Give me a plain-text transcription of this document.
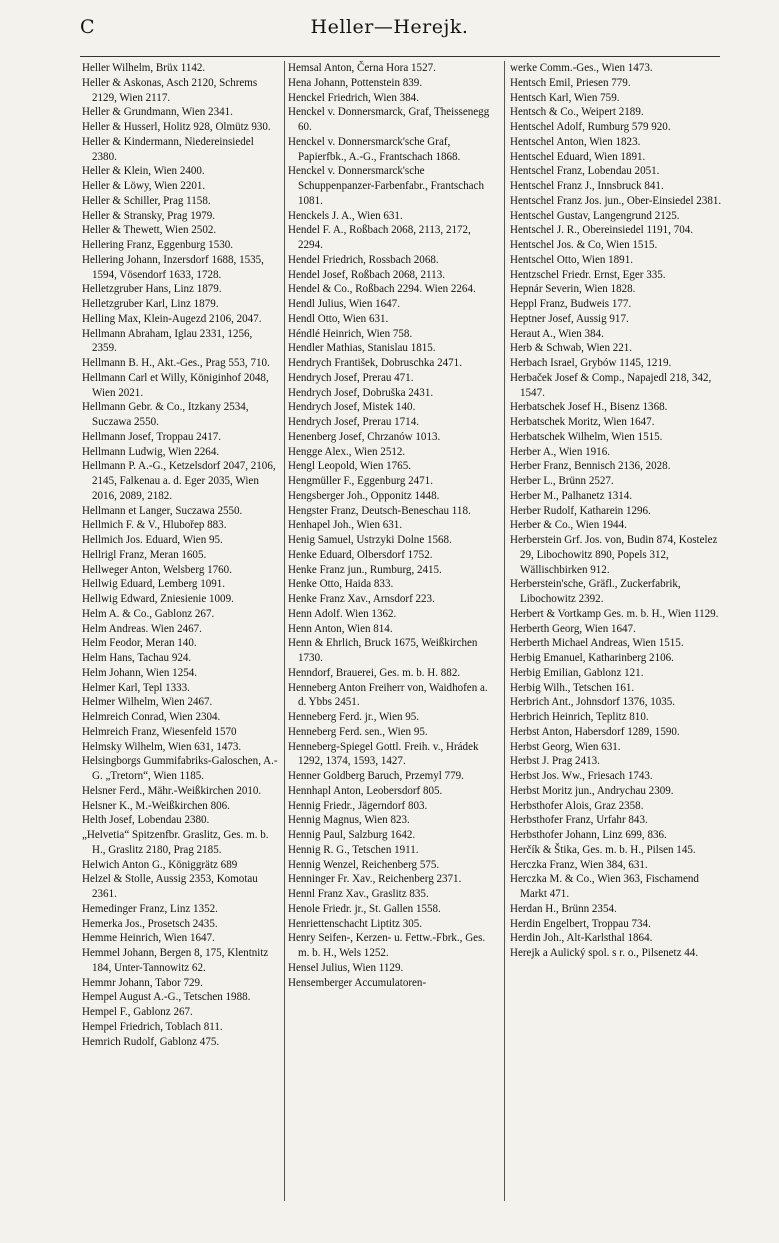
C	Heller—Herejk.
Heller Wilhelm, Brüx 1142.
Heller & Askonas, Asch 2120, Schrems 2129, Wien 2117.
Heller & Grundmann, Wien 2341.
Heller & Husserl, Holitz 928, Olmütz 930.
Heller & Kindermann, Niedereinsiedel 2380.
Heller & Klein, Wien 2400.
Heller & Löwy, Wien 2201.
Heller & Schiller, Prag 1158.
Heller & Stransky, Prag 1979.
Heller & Thewett, Wien 2502.
Hellering Franz, Eggenburg 1530.
Hellering Johann, Inzersdorf 1688, 1535, 1594, Vösendorf 1633, 1728.
Helletzgruber Hans, Linz 1879.
Helletzgruber Karl, Linz 1879.
Helling Max, Klein-Augezd 2106, 2047.
Hellmann Abraham, Iglau 2331, 1256, 2359.
Hellmann B. H., Akt.-Ges., Prag 553, 710.
Hellmann Carl et Willy, Königinhof 2048, Wien 2021.
Hellmann Gebr. & Co., Itzkany 2534, Suczawa 2550.
Hellmann Josef, Troppau 2417.
Hellmann Ludwig, Wien 2264.
Hellmann P. A.-G., Ketzelsdorf 2047, 2106, 2145, Falkenau a. d. Eger 2035, Wien 2016, 2089, 2182.
Hellmann et Langer, Suczawa 2550.
Hellmich F. & V., Hlubořep 883.
Hellmich Jos. Eduard, Wien 95.
Hellrigl Franz, Meran 1605.
Hellweger Anton, Welsberg 1760.
Hellwig Eduard, Lemberg 1091.
Hellwig Edward, Zniesienie 1009.
Helm A. & Co., Gablonz 267.
Helm Andreas. Wien 2467.
Helm Feodor, Meran 140.
Helm Hans, Tachau 924.
Helm Johann, Wien 1254.
Helmer Karl, Tepl 1333.
Helmer Wilhelm, Wien 2467.
Helmreich Conrad, Wien 2304.
Helmreich Franz, Wiesenfeld 1570
Helmsky Wilhelm, Wien 631, 1473.
Helsingborgs Gummifabriks-Galoschen, A.-G. „Tretorn“, Wien 1185.
Helsner Ferd., Mähr.-Weißkirchen 2010.
Helsner K., M.-Weißkirchen 806.
Helth Josef, Lobendau 2380.
„Helvetia“ Spitzenfbr. Graslitz, Ges. m. b. H., Graslitz 2180, Prag 2185.
Helwich Anton G., Königgrätz 689
Helzel & Stolle, Aussig 2353, Komotau 2361.
Hemedinger Franz, Linz 1352.
Hemerka Jos., Prosetsch 2435.
Hemme Heinrich, Wien 1647.
Hemmel Johann, Bergen 8, 175, Klentnitz 184, Unter-Tannowitz 62.
Hemmr Johann, Tabor 729.
Hempel August A.-G., Tetschen 1988.
Hempel F., Gablonz 267.
Hempel Friedrich, Toblach 811.
Hemrich Rudolf, Gablonz 475.
Hemsal Anton, Černa Hora 1527.
Hena Johann, Pottenstein 839.
Henckel Friedrich, Wien 384.
Henckel v. Donnersmarck, Graf, Theissenegg 60.
Henckel v. Donnersmarck'sche Graf, Papierfbk., A.-G., Frantschach 1868.
Henckel v. Donnersmarck'sche Schuppenpanzer-Farbenfabr., Frantschach 1081.
Henckels J. A., Wien 631.
Hendel F. A., Roßbach 2068, 2113, 2172, 2294.
Hendel Friedrich, Rossbach 2068.
Hendel Josef, Roßbach 2068, 2113.
Hendel & Co., Roßbach 2294. Wien 2264.
Hendl Julius, Wien 1647.
Hendl Otto, Wien 631.
Héndlé Heinrich, Wien 758.
Hendler Mathias, Stanislau 1815.
Hendrych František, Dobruschka 2471.
Hendrych Josef, Prerau 471.
Hendrych Josef, Dobruška 2431.
Hendrych Josef, Mistek 140.
Hendrych Josef, Prerau 1714.
Henenberg Josef, Chrzanów 1013.
Hengge Alex., Wien 2512.
Hengl Leopold, Wien 1765.
Hengmüller F., Eggenburg 2471.
Hengsberger Joh., Opponitz 1448.
Hengster Franz, Deutsch-Beneschau 118.
Henhapel Joh., Wien 631.
Henig Samuel, Ustrzyki Dolne 1568.
Henke Eduard, Olbersdorf 1752.
Henke Franz jun., Rumburg, 2415.
Henke Otto, Haida 833.
Henke Franz Xav., Arnsdorf 223.
Henn Adolf. Wien 1362.
Henn Anton, Wien 814.
Henn & Ehrlich, Bruck 1675, Weißkirchen 1730.
Henndorf, Brauerei, Ges. m. b. H. 882.
Henneberg Anton Freiherr von, Waidhofen a. d. Ybbs 2451.
Henneberg Ferd. jr., Wien 95.
Henneberg Ferd. sen., Wien 95.
Henneberg-Spiegel Gottl. Freih. v., Hrádek 1292, 1374, 1593, 1427.
Henner Goldberg Baruch, Przemyl 779.
Hennhapl Anton, Leobersdorf 805.
Hennig Friedr., Jägerndorf 803.
Hennig Magnus, Wien 823.
Hennig Paul, Salzburg 1642.
Hennig R. G., Tetschen 1911.
Hennig Wenzel, Reichenberg 575.
Henninger Fr. Xav., Reichenberg 2371.
Hennl Franz Xav., Graslitz 835.
Henole Friedr. jr., St. Gallen 1558.
Henriettenschacht Liptitz 305.
Henry Seifen-, Kerzen- u. Fettw.-Fbrk., Ges. m. b. H., Wels 1252.
Hensel Julius, Wien 1129.
Hensemberger Accumulatoren-
werke Comm.-Ges., Wien 1473.
Hentsch Emil, Priesen 779.
Hentsch Karl, Wien 759.
Hentsch & Co., Weipert 2189.
Hentschel Adolf, Rumburg 579 920.
Hentschel Anton, Wien 1823.
Hentschel Eduard, Wien 1891.
Hentschel Franz, Lobendau 2051.
Hentschel Franz J., Innsbruck 841.
Hentschel Franz Jos. jun., Ober-Einsiedel 2381.
Hentschel Gustav, Langengrund 2125.
Hentschel J. R., Obereinsiedel 1191, 704.
Hentschel Jos. & Co, Wien 1515.
Hentschel Otto, Wien 1891.
Hentzschel Friedr. Ernst, Eger 335.
Hepnár Severin, Wien 1828.
Heppl Franz, Budweis 177.
Heptner Josef, Aussig 917.
Heraut A., Wien 384.
Herb & Schwab, Wien 221.
Herbach Israel, Grybów 1145, 1219.
Herbaček Josef & Comp., Napajedl 218, 342, 1547.
Herbatschek Josef H., Bisenz 1368.
Herbatschek Moritz, Wien 1647.
Herbatschek Wilhelm, Wien 1515.
Herber A., Wien 1916.
Herber Franz, Bennisch 2136, 2028.
Herber L., Brünn 2527.
Herber M., Palhanetz 1314.
Herber Rudolf, Katharein 1296.
Herber & Co., Wien 1944.
Herberstein Grf. Jos. von, Budin 874, Kostelez 29, Libochowitz 890, Popels 312, Wällischbirken 912.
Herberstein'sche, Gräfl., Zuckerfabrik, Libochowitz 2392.
Herbert & Vortkamp Ges. m. b. H., Wien 1129.
Herberth Georg, Wien 1647.
Herberth Michael Andreas, Wien 1515.
Herbig Emanuel, Katharinberg 2106.
Herbig Emilian, Gablonz 121.
Herbig Wilh., Tetschen 161.
Herbrich Ant., Johnsdorf 1376, 1035.
Herbrich Heinrich, Teplitz 810.
Herbst Anton, Habersdorf 1289, 1590.
Herbst Georg, Wien 631.
Herbst J. Prag 2413.
Herbst Jos. Ww., Friesach 1743.
Herbst Moritz jun., Andrychau 2309.
Herbsthofer Alois, Graz 2358.
Herbsthofer Franz, Urfahr 843.
Herbsthofer Johann, Linz 699, 836.
Herčík & Štika, Ges. m. b. H., Pilsen 145.
Herczka Franz, Wien 384, 631.
Herczka M. & Co., Wien 363, Fischamend Markt 471.
Herdan H., Brünn 2354.
Herdin Engelbert, Troppau 734.
Herdin Joh., Alt-Karlsthal 1864.
Herejk a Aulický spol. s r. o., Pilsenetz 44.
